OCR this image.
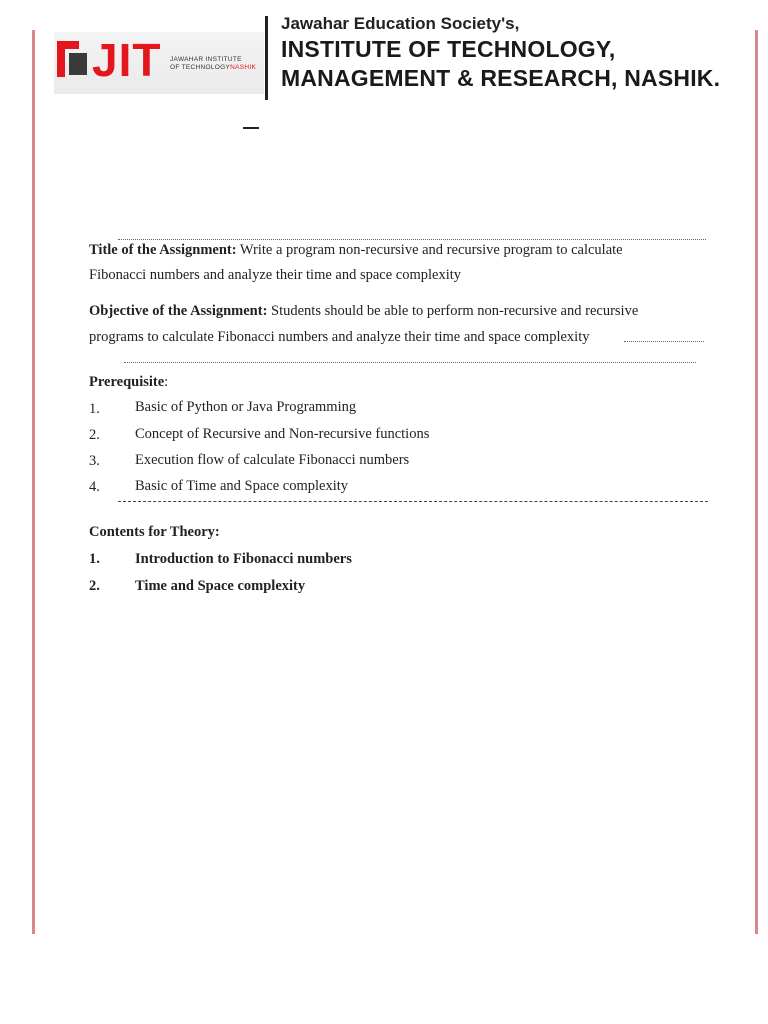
JIT JAWAHAR INSTITUTE
OF TECHNOLOGYNASHIK
Jawahar Education Society's,
INSTITUTE OF TECHNOLOGY,
MANAGEMENT & RESEARCH, NASHIK.
Title of the Assignment: Write a program non-recursive and recursive program to calculate
Fibonacci numbers and analyze their time and space complexity
Objective of the Assignment: Students should be able to perform non-recursive and recursive
programs to calculate Fibonacci numbers and analyze their time and space complexity
Prerequisite:
1. Basic of Python or Java Programming
2. Concept of Recursive and Non-recursive functions
3. Execution flow of calculate Fibonacci numbers
4. Basic of Time and Space complexity
Contents for Theory:
1. Introduction to Fibonacci numbers
2. Time and Space complexity
